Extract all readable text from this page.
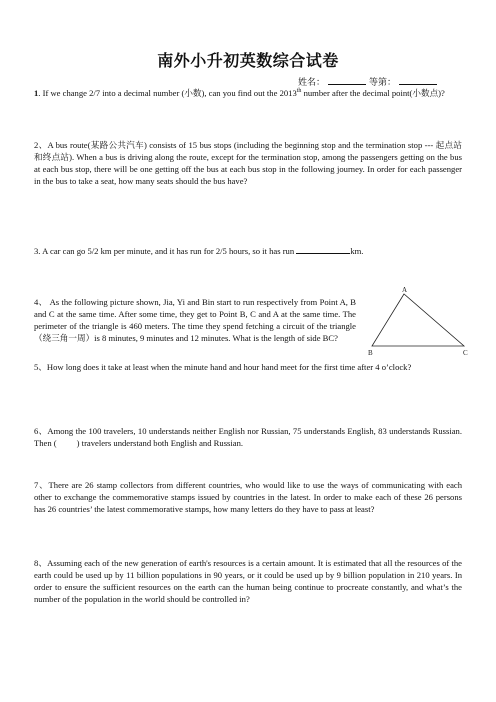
南外小升初英数综合试卷
姓名：	等第：
1. If we change 2/7 into a decimal number (小数), can you find out the 2013th number after the decimal point(小数点)?
2、A bus route(某路公共汽车) consists of 15 bus stops (including the beginning stop and the termination stop --- 起点站和终点站). When a bus is driving along the route, except for the termination stop, among the passengers getting on the bus at each bus stop, there will be one getting off the bus at each bus stop in the following journey. In order for each passenger in the bus to take a seat, how many seats should the bus have?
3. A car can go 5/2 km per minute, and it has run for 2/5 hours, so it has run	km.
4、 As the following picture shown, Jia, Yi and Bin start to run respectively from Point A, B and C at the same time. After some time, they get to Point B, C and A at the same time. The perimeter of the triangle is 460 meters. The time they spend fetching a circuit of the triangle （绕三角一周）is 8 minutes, 9 minutes and 12 minutes. What is the length of side BC?
A
B	C
5、How long does it take at least when the minute hand and hour hand meet for the first time after 4 o’clock?
6、Among the 100 travelers, 10 understands neither English nor Russian, 75 understands English, 83 understands Russian. Then ( ) travelers understand both English and Russian.
7、There are 26 stamp collectors from different countries, who would like to use the ways of communicating with each other to exchange the commemorative stamps issued by countries in the latest. In order to make each of these 26 persons has 26 countries’ the latest commemorative stamps, how many letters do they have to pass at least?
8、Assuming each of the new generation of earth's resources is a certain amount. It is estimated that all the resources of the earth could be used up by 11 billion populations in 90 years, or it could be used up by 9 billion population in 210 years. In order to ensure the sufficient resources on the earth can the human being continue to procreate constantly, and what’s the number of the population in the world should be controlled in?
